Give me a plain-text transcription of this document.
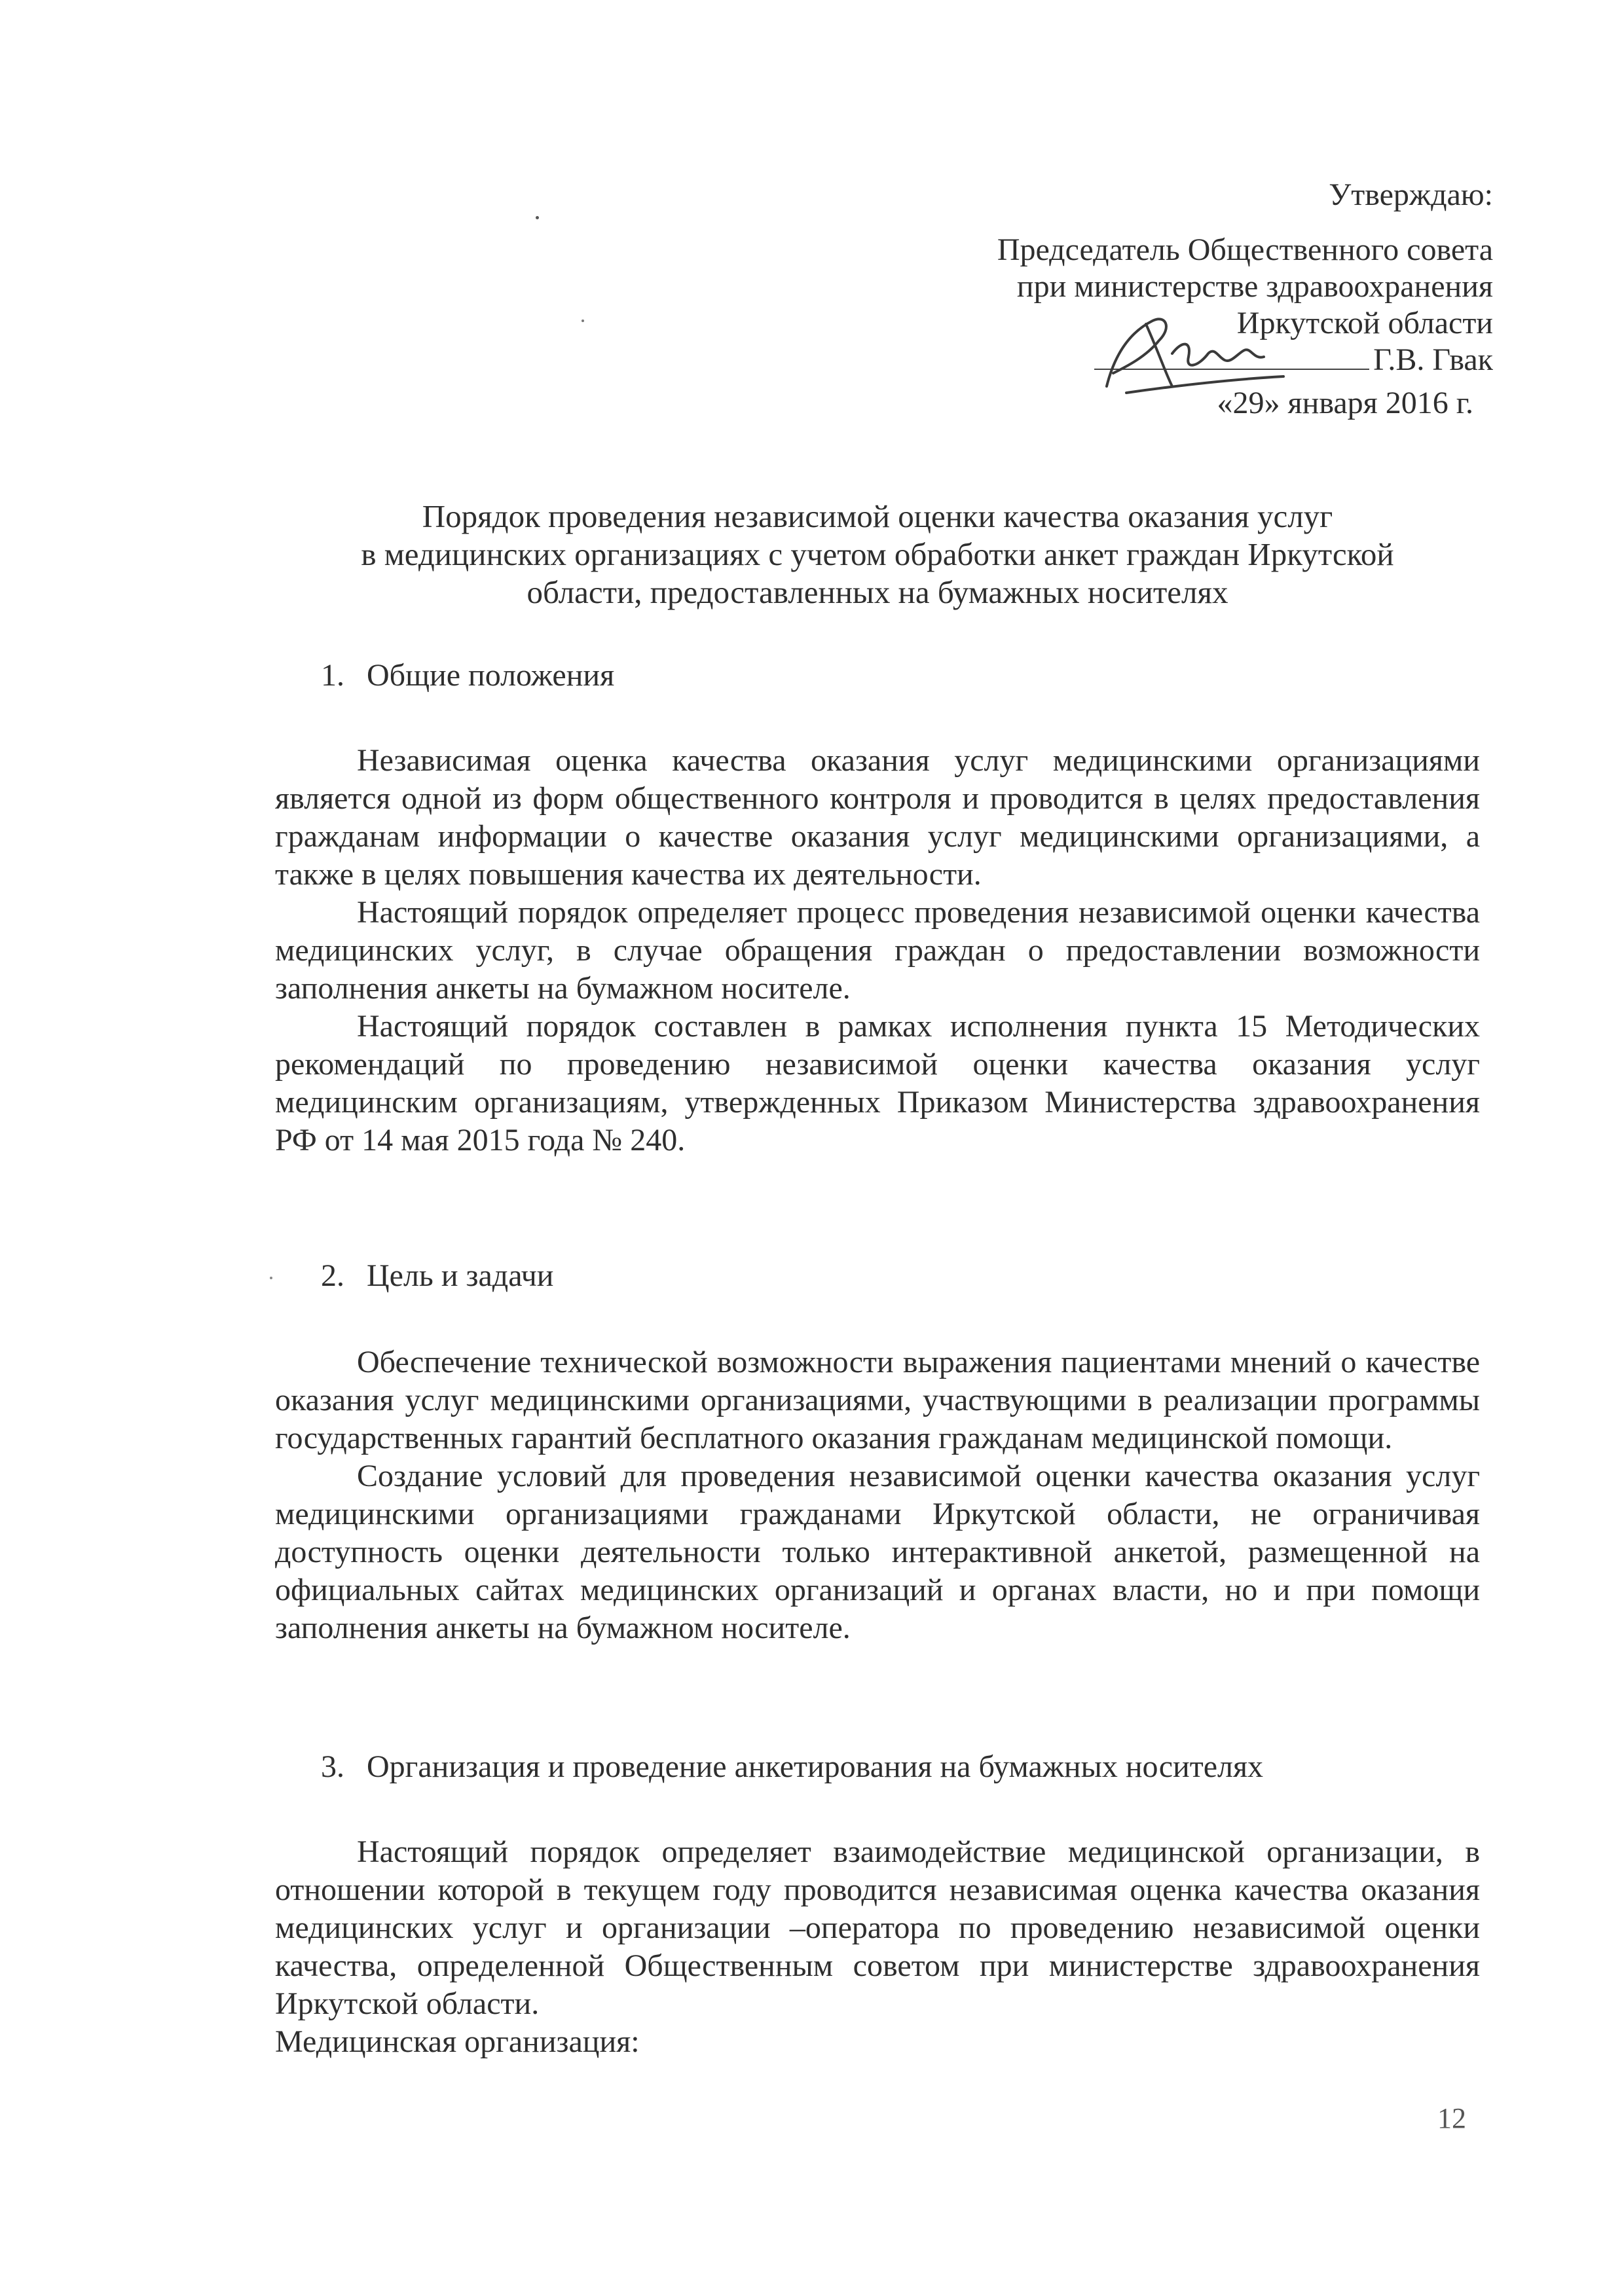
Утверждаю:
Председатель Общественного совета
при министерстве здравоохранения
Иркутской области
Г.В. Гвак
«29» января 2016 г.
Порядок проведения независимой оценки качества оказания услуг
в медицинских организациях с учетом обработки анкет граждан Иркутской
области, предоставленных на бумажных носителях
1. Общие положения

Независимая оценка качества оказания услуг медицинскими организациями является одной из форм общественного контроля и проводится в целях предоставления гражданам информации о качестве оказания услуг медицинскими организациями, а также в целях повышения качества их деятельности.

Настоящий порядок определяет процесс проведения независимой оценки качества медицинских услуг, в случае обращения граждан о предоставлении возможности заполнения анкеты на бумажном носителе.

Настоящий порядок составлен в рамках исполнения пункта 15 Методических рекомендаций по проведению независимой оценки качества оказания услуг медицинским организациям, утвержденных Приказом Министерства здравоохранения РФ от 14 мая 2015 года № 240.

2. Цель и задачи

Обеспечение технической возможности выражения пациентами мнений о качестве оказания услуг медицинскими организациями, участвующими в реализации программы государственных гарантий бесплатного оказания гражданам медицинской помощи.

Создание условий для проведения независимой оценки качества оказания услуг медицинскими организациями гражданами Иркутской области, не ограничивая доступность оценки деятельности только интерактивной анкетой, размещенной на официальных сайтах медицинских организаций и органах власти, но и при помощи заполнения анкеты на бумажном носителе.

3. Организация и проведение анкетирования на бумажных носителях

Настоящий порядок определяет взаимодействие медицинской организации, в отношении которой в текущем году проводится независимая оценка качества оказания медицинских услуг и организации –оператора по проведению независимой оценки качества, определенной Общественным советом при министерстве здравоохранения Иркутской области.

Медицинская организация:

12
